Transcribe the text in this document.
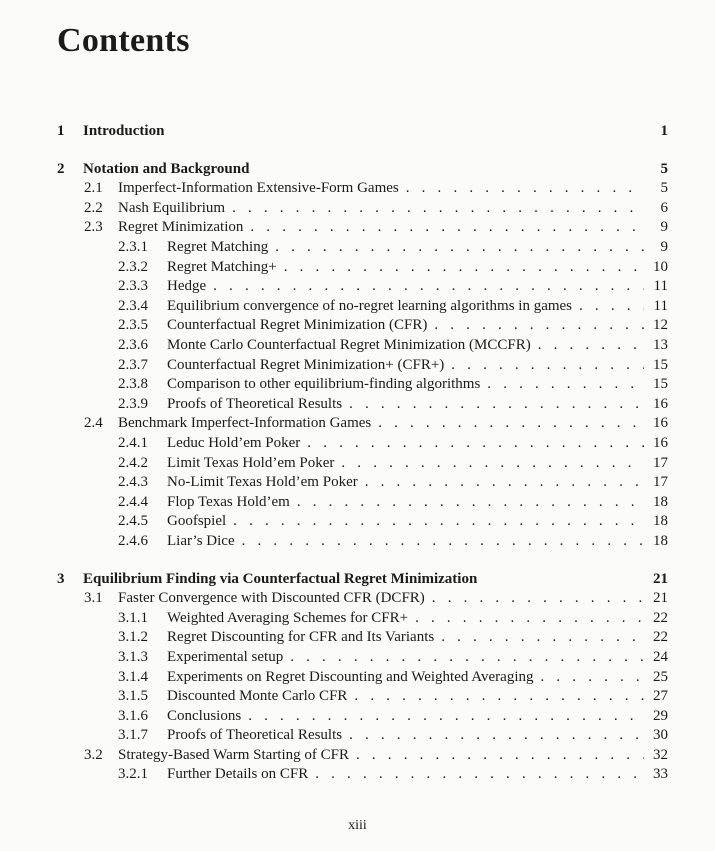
Contents
1	Introduction	1
2	Notation and Background	5
2.1	Imperfect-Information Extensive-Form Games . . .	5
2.2	Nash Equilibrium . . .	6
2.3	Regret Minimization . . .	9
2.3.1	Regret Matching . . .	9
2.3.2	Regret Matching+ . . .	10
2.3.3	Hedge . . .	11
2.3.4	Equilibrium convergence of no-regret learning algorithms in games . . .	11
2.3.5	Counterfactual Regret Minimization (CFR) . . .	12
2.3.6	Monte Carlo Counterfactual Regret Minimization (MCCFR) . . .	13
2.3.7	Counterfactual Regret Minimization+ (CFR+) . . .	15
2.3.8	Comparison to other equilibrium-finding algorithms . . .	15
2.3.9	Proofs of Theoretical Results . . .	16
2.4	Benchmark Imperfect-Information Games . . .	16
2.4.1	Leduc Hold’em Poker . . .	16
2.4.2	Limit Texas Hold’em Poker . . .	17
2.4.3	No-Limit Texas Hold’em Poker . . .	17
2.4.4	Flop Texas Hold’em . . .	18
2.4.5	Goofspiel . . .	18
2.4.6	Liar’s Dice . . .	18
3	Equilibrium Finding via Counterfactual Regret Minimization	21
3.1	Faster Convergence with Discounted CFR (DCFR) . . .	21
3.1.1	Weighted Averaging Schemes for CFR+ . . .	22
3.1.2	Regret Discounting for CFR and Its Variants . . .	22
3.1.3	Experimental setup . . .	24
3.1.4	Experiments on Regret Discounting and Weighted Averaging . . .	25
3.1.5	Discounted Monte Carlo CFR . . .	27
3.1.6	Conclusions . . .	29
3.1.7	Proofs of Theoretical Results . . .	30
3.2	Strategy-Based Warm Starting of CFR . . .	32
3.2.1	Further Details on CFR . . .	33
xiii
